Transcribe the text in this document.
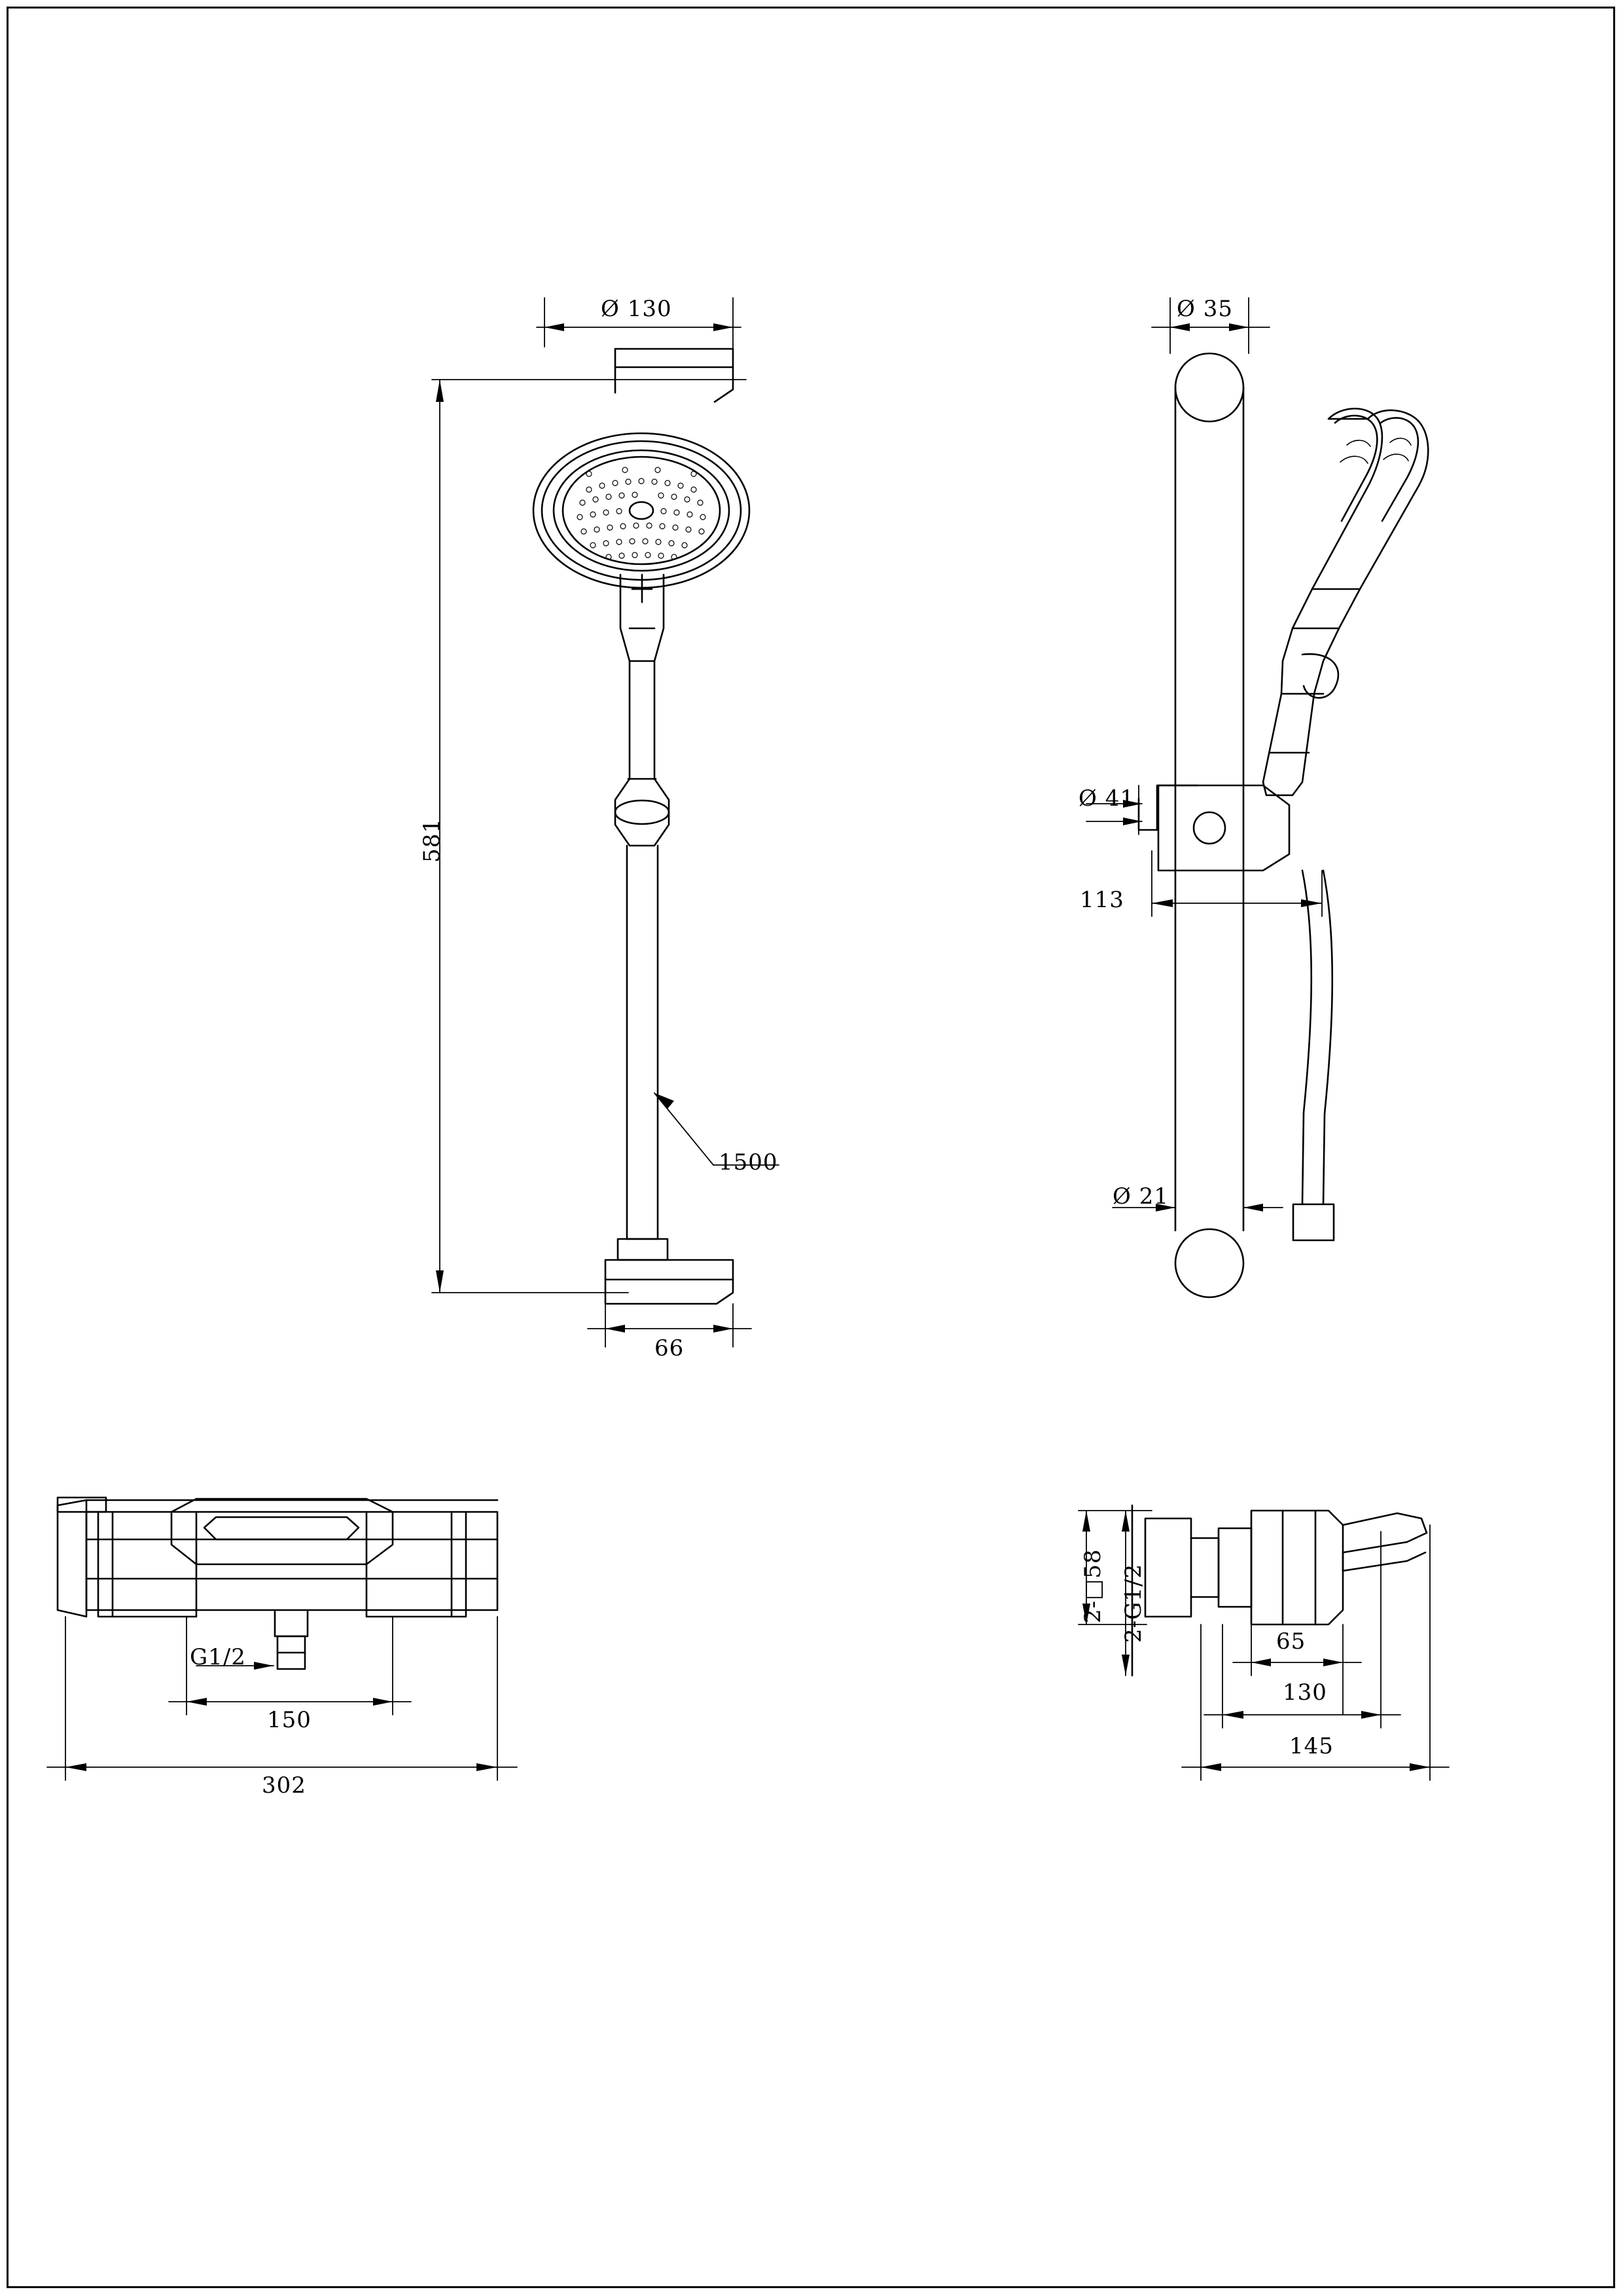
Ø 130
581
1500
66
Ø 35
Ø 41
113
Ø 21
G1/2
150
302
2-□58 2-G1/2	65
130
145
